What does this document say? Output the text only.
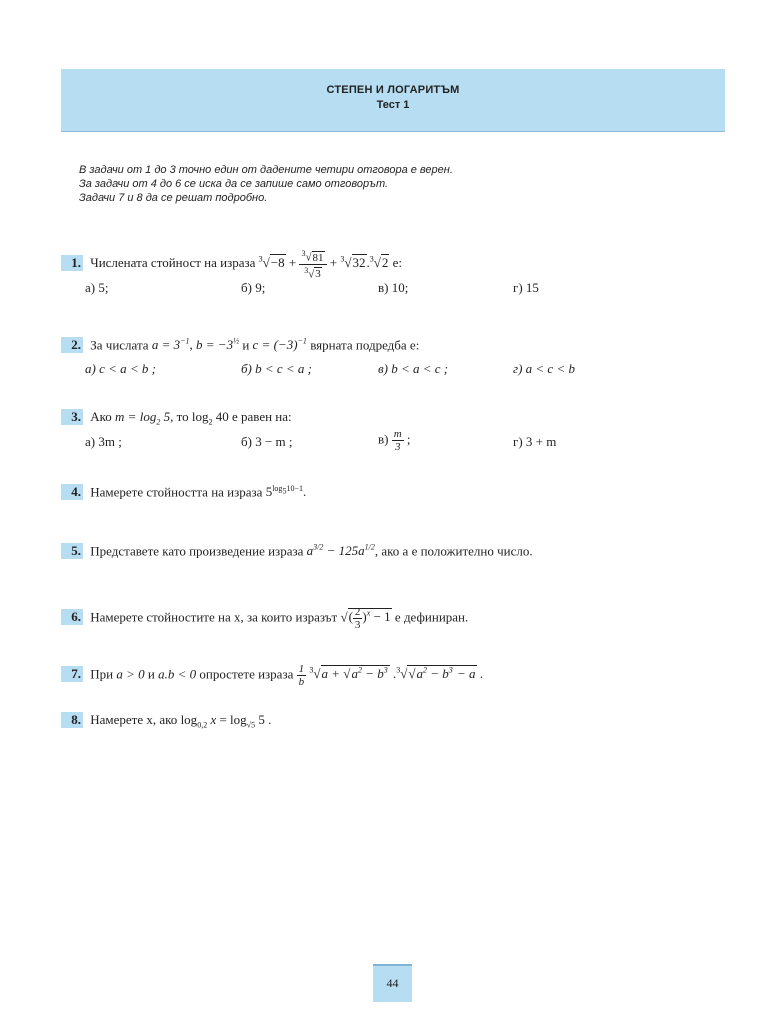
СТЕПЕН И ЛОГАРИТЪМ
Тест 1
В задачи от 1 до 3 точно един от дадените четири отговора е верен.
За задачи от 4 до 6 се иска да се запише само отговорът.
Задачи 7 и 8 да се решат подробно.
1. Числената стойност на израза $^3√-8 + \frac{^3√81}{^3√3} + ^3√32.^3√2$ е:
а) 5;	б) 9;	в) 10;	г) 15
2. За числата $a = 3^{-1}$, $b = -3^{\frac{1}{2}}$ и $c = (-3)^{-1}$ вярната подредба е:
а) c < a < b ;	б) b < c < a ;	в) b < a < c ;	г) a < c < b
3. Ако $m = \log_2 5$, то $\log_2 40$ е равен на:
а) 3m ;	б) 3 − m ;	$в) \frac{m}{3}$ ;	г) 3 + m
4. Намерете стойността на израза $5^{log_510-1}$.
5. Представете като произведение израза $a^{3/2} - 125a^{1/2}$, ако a е положително число.
6. Намерете стойностите на x, за които изразът √( $\frac{2}{3} )^x - 1$ е дефиниран.
7. При a > 0 и a.b < 0 опростете израза $\frac{1}{b} ^3√a + √a^2 - b^3$ $.^3√√a^2 - b^3 - a$ .
8. Намерете x, ако $\log_{0,2} x = \log_{√5} 5$ .
44
